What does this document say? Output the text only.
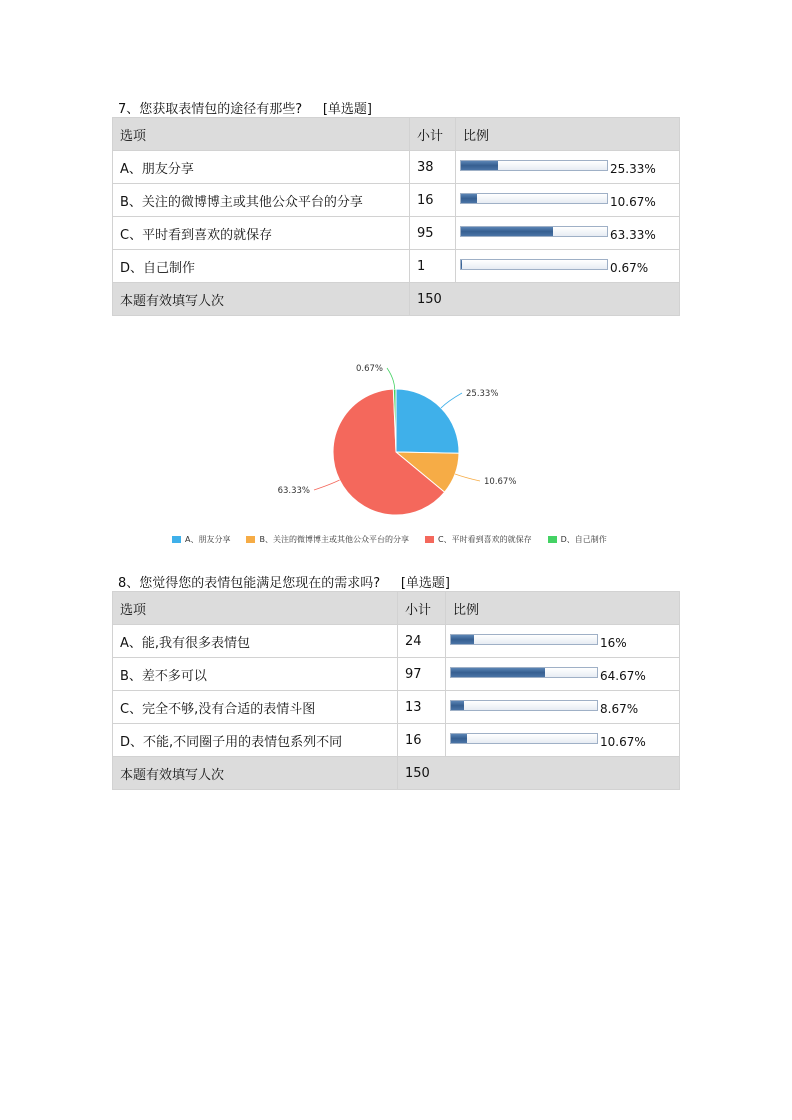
7、您获取表情包的途径有那些?     [单选题]
选项	小计	比例
A、朋友分享	38	25.33%

B、关注的微博博主或其他公众平台的分享	16	10.67%

C、平时看到喜欢的就保存	95	63.33%

D、自己制作	1	0.67%

本题有效填写人次	150	
25.33%
10.67%
63.33%
0.67%
A、朋友分享	B、关注的微博博主或其他公众平台的分享	C、平时看到喜欢的就保存	D、自己制作
8、您觉得您的表情包能满足您现在的需求吗?     [单选题]
选项	小计	比例
A、能,我有很多表情包	24	16%

B、差不多可以	97	64.67%

C、完全不够,没有合适的表情斗图	13	8.67%

D、不能,不同圈子用的表情包系列不同	16	10.67%

本题有效填写人次	150	
